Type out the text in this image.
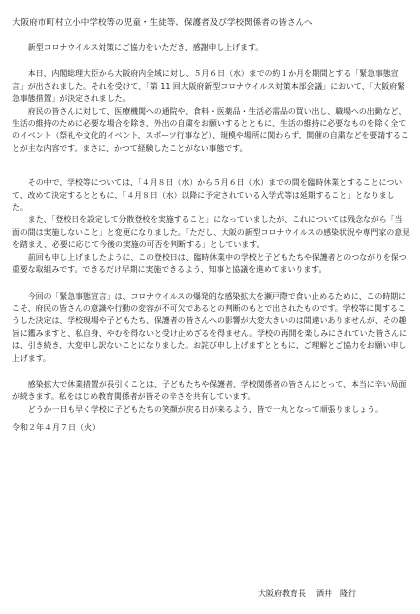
大阪府市町村立小中学校等の児童・生徒等、保護者及び学校関係者の皆さんへ

新型コロナウイルス対策にご協力をいただき、感謝申し上げます。

本日、内閣総理大臣から大阪府内全域に対し、５月６日（水）までの約１か月を期間とする「緊急事態宣言」が出されました。それを受けて、「第 11 回大阪府新型コロナウイルス対策本部会議」において、「大阪府緊急事態措置」が決定されました。

府民の皆さんに対して、医療機関への通院や、食料・医薬品・生活必需品の買い出し、職場への出勤など、生活の維持のために必要な場合を除き、外出の自粛をお願いするとともに、生活の維持に必要なものを除く全てのイベント（祭礼や文化的イベント、スポーツ行事など）、規模や場所に関わらず、開催の自粛などを要請することが主な内容です。まさに、かつて経験したことがない事態です。

その中で、学校等については、「４月８日（水）から５月６日（水）までの間を臨時休業とすることについて、改めて決定するとともに、「４月８日（水）以降に予定されている入学式等は延期すること」となりました。

また、「登校日を設定して分散登校を実施すること」になっていましたが、これについては残念ながら「当面の間は実施しないこと」と変更になりました。「ただし、大阪の新型コロナウイルスの感染状況や専門家の意見を踏まえ、必要に応じて今後の実施の可否を判断する」としています。

前回も申し上げましたように、この登校日は、臨時休業中の学校と子どもたちや保護者とのつながりを保つ重要な取組みです。できるだけ早期に実施できるよう、知事と協議を進めてまいります。

今回の「緊急事態宣言」は、コロナウイルスの爆発的な感染拡大を瀬戸際で食い止めるために、この時期にこそ、府民の皆さんの意識や行動の変容が不可欠であるとの判断のもとで出されたものです。学校等に関するこうした決定は、学校現場や子どもたち、保護者の皆さんへの影響が大変大きいのは間違いありませんが、その趣旨に鑑みますと、私自身、やむを得ないと受け止めざるを得ません。学校の再開を楽しみにされていた皆さんには、引き続き、大変申し訳ないことになりました。お詫び申し上げますとともに、ご理解とご協力をお願い申し上げます。

感染拡大で休業措置が長引くことは、子どもたちや保護者、学校関係者の皆さんにとって、本当に辛い局面が続きます。私をはじめ教育関係者が皆その辛さを共有しています。

どうか一日も早く学校に子どもたちの笑顔が戻る日が来るよう、皆で一丸となって頑張りましょう。

令和２年４月７日（火）

大阪府教育長 酒井　隆行
